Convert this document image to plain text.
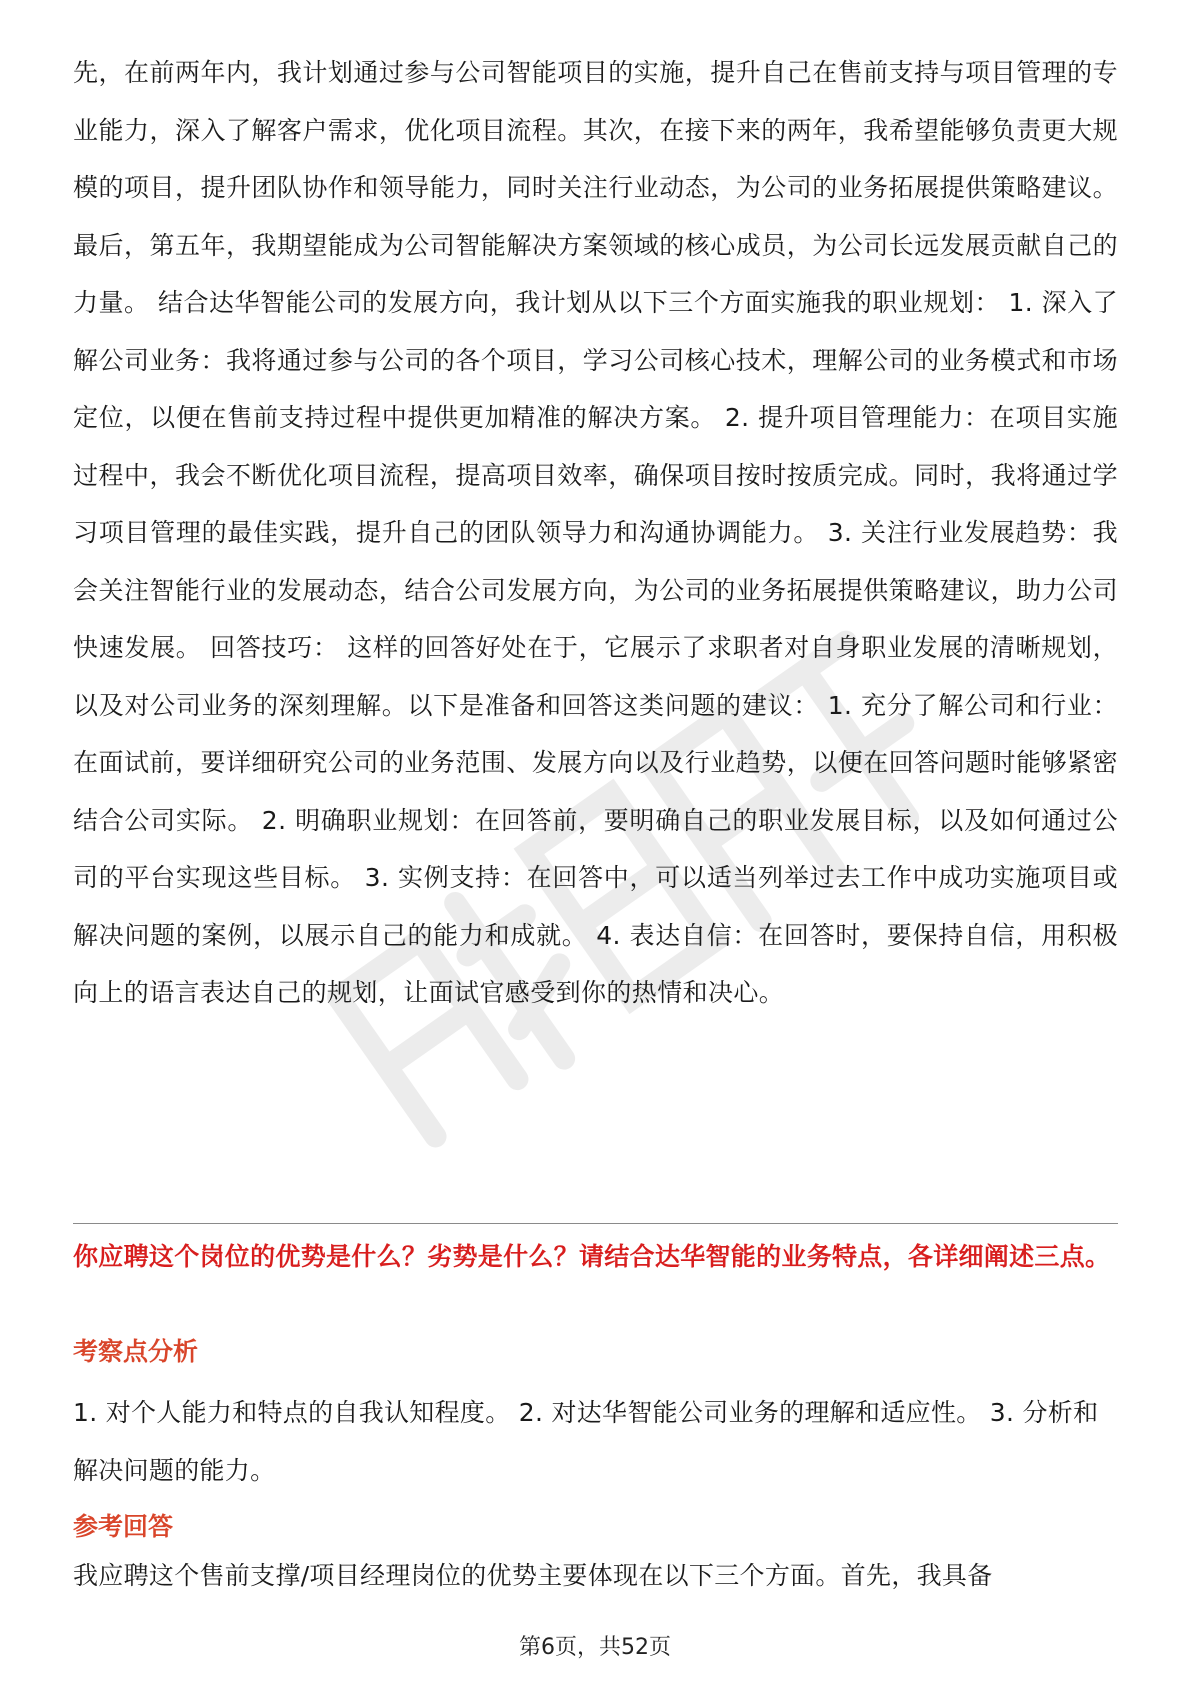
先，在前两年内，我计划通过参与公司智能项目的实施，提升自己在售前支持与项目管理的专业能力，深入了解客户需求，优化项目流程。其次，在接下来的两年，我希望能够负责更大规模的项目，提升团队协作和领导能力，同时关注行业动态，为公司的业务拓展提供策略建议。最后，第五年，我期望能成为公司智能解决方案领域的核心成员，为公司长远发展贡献自己的力量。 结合达华智能公司的发展方向，我计划从以下三个方面实施我的职业规划： 1. 深入了解公司业务：我将通过参与公司的各个项目，学习公司核心技术，理解公司的业务模式和市场定位，以便在售前支持过程中提供更加精准的解决方案。 2. 提升项目管理能力：在项目实施过程中，我会不断优化项目流程，提高项目效率，确保项目按时按质完成。同时，我将通过学习项目管理的最佳实践，提升自己的团队领导力和沟通协调能力。 3. 关注行业发展趋势：我会关注智能行业的发展动态，结合公司发展方向，为公司的业务拓展提供策略建议，助力公司快速发展。 回答技巧： 这样的回答好处在于，它展示了求职者对自身职业发展的清晰规划，以及对公司业务的深刻理解。以下是准备和回答这类问题的建议： 1. 充分了解公司和行业：在面试前，要详细研究公司的业务范围、发展方向以及行业趋势，以便在回答问题时能够紧密结合公司实际。 2. 明确职业规划：在回答前，要明确自己的职业发展目标，以及如何通过公司的平台实现这些目标。 3. 实例支持：在回答中，可以适当列举过去工作中成功实施项目或解决问题的案例，以展示自己的能力和成就。 4. 表达自信：在回答时，要保持自信，用积极向上的语言表达自己的规划，让面试官感受到你的热情和决心。

你应聘这个岗位的优势是什么？劣势是什么？请结合达华智能的业务特点，各详细阐述三点。

考察点分析

1. 对个人能力和特点的自我认知程度。 2. 对达华智能公司业务的理解和适应性。 3. 分析和解决问题的能力。

参考回答

我应聘这个售前支撑/项目经理岗位的优势主要体现在以下三个方面。首先，我具备

第6页，共52页
